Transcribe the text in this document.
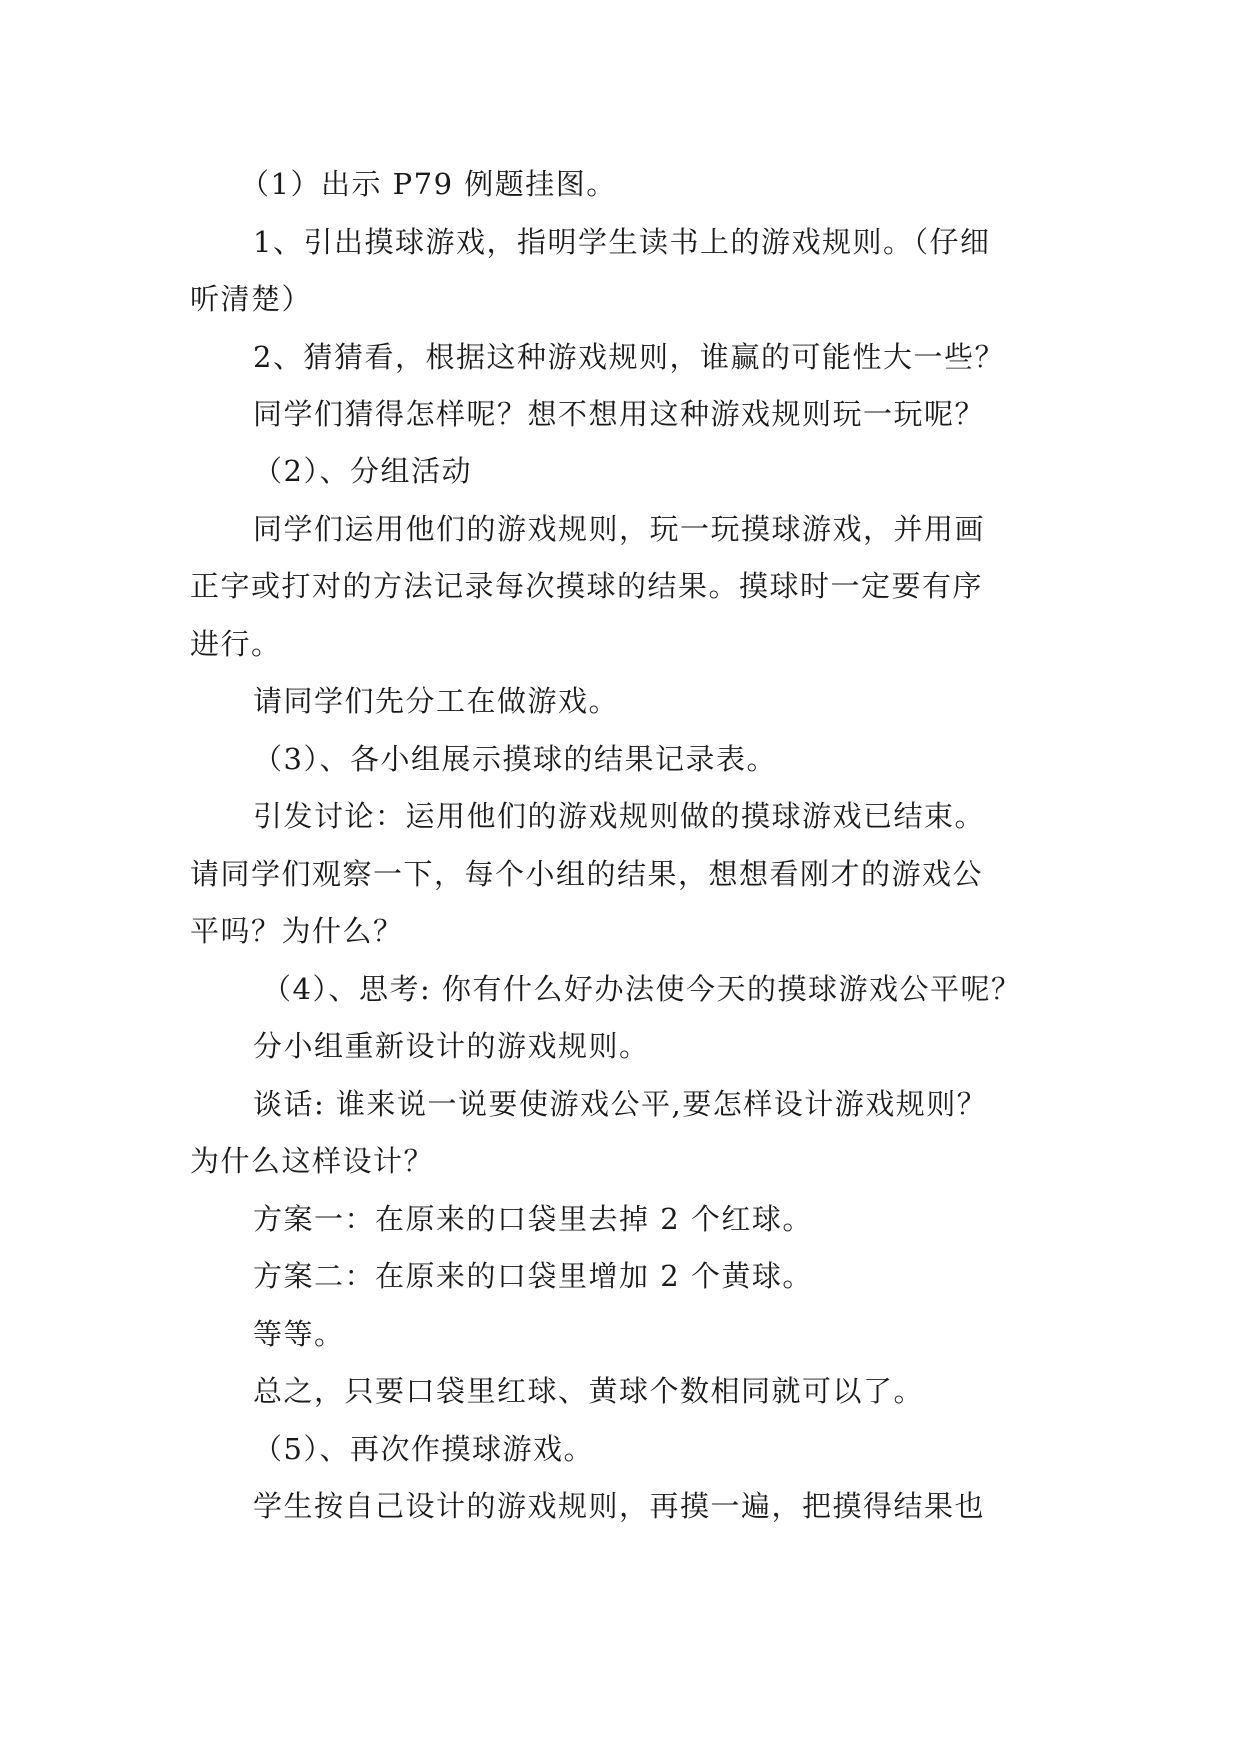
（1）出示 P79 例题挂图。
1、引出摸球游戏，指明学生读书上的游戏规则。（仔细
听清楚）
2、猜猜看，根据这种游戏规则，谁赢的可能性大一些？
同学们猜得怎样呢？想不想用这种游戏规则玩一玩呢？
（2）、分组活动
同学们运用他们的游戏规则，玩一玩摸球游戏，并用画
正字或打对的方法记录每次摸球的结果。摸球时一定要有序
进行。
请同学们先分工在做游戏。
（3）、各小组展示摸球的结果记录表。
引发讨论：运用他们的游戏规则做的摸球游戏已结束。
请同学们观察一下，每个小组的结果，想想看刚才的游戏公
平吗？为什么？
（4）、思考: 你有什么好办法使今天的摸球游戏公平呢？
分小组重新设计的游戏规则。
谈话: 谁来说一说要使游戏公平,要怎样设计游戏规则？
为什么这样设计？
方案一：在原来的口袋里去掉 2 个红球。
方案二：在原来的口袋里增加 2 个黄球。
等等。
总之，只要口袋里红球、黄球个数相同就可以了。
（5）、再次作摸球游戏。
学生按自己设计的游戏规则，再摸一遍，把摸得结果也
